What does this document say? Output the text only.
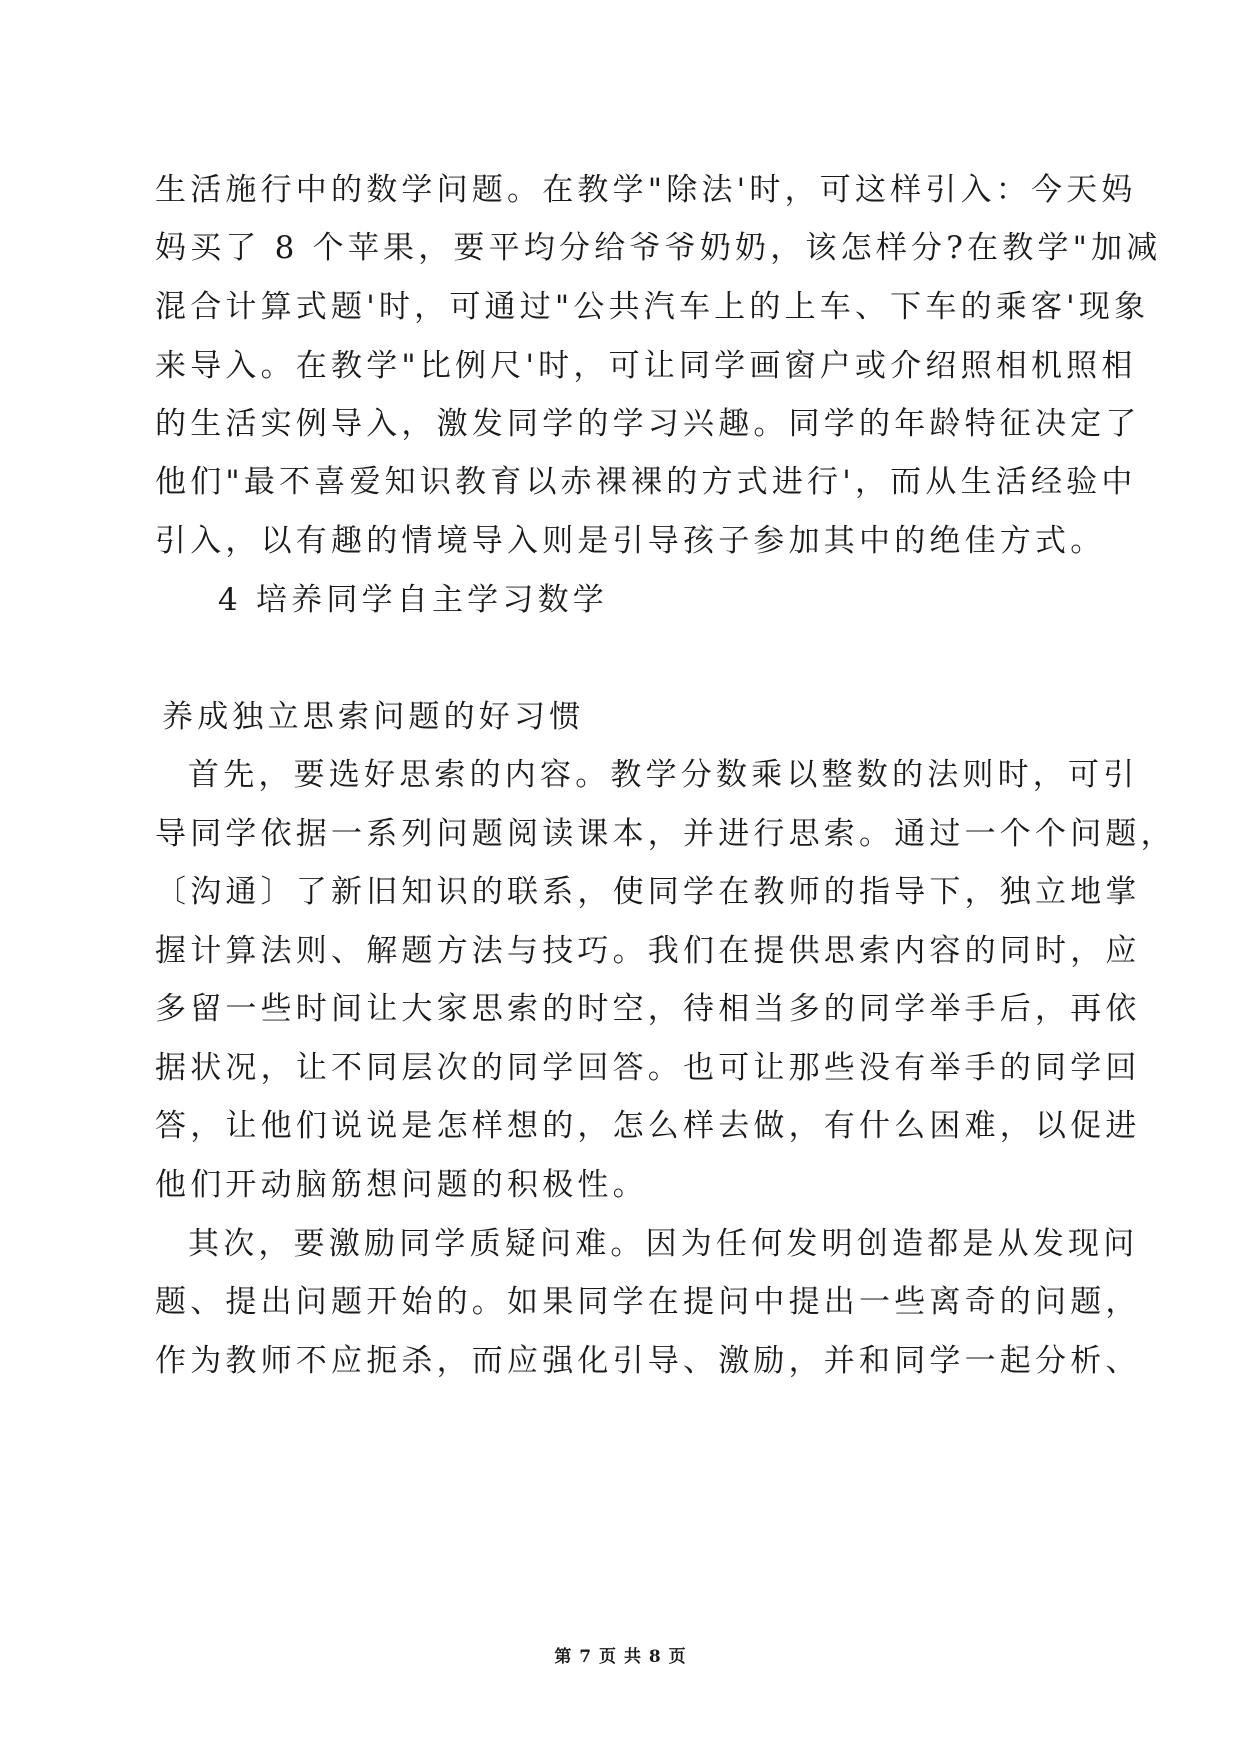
生活施行中的数学问题。在教学"除法'时，可这样引入：今天妈
妈买了 8 个苹果，要平均分给爷爷奶奶，该怎样分?在教学"加减
混合计算式题'时，可通过"公共汽车上的上车、下车的乘客'现象
来导入。在教学"比例尺'时，可让同学画窗户或介绍照相机照相
的生活实例导入，激发同学的学习兴趣。同学的年龄特征决定了
他们"最不喜爱知识教育以赤裸裸的方式进行'，而从生活经验中
引入，以有趣的情境导入则是引导孩子参加其中的绝佳方式。
4 培养同学自主学习数学
养成独立思索问题的好习惯
首先，要选好思索的内容。教学分数乘以整数的法则时，可引
导同学依据一系列问题阅读课本，并进行思索。通过一个个问题，
〔沟通〕了新旧知识的联系，使同学在教师的指导下，独立地掌
握计算法则、解题方法与技巧。我们在提供思索内容的同时，应
多留一些时间让大家思索的时空，待相当多的同学举手后，再依
据状况，让不同层次的同学回答。也可让那些没有举手的同学回
答，让他们说说是怎样想的，怎么样去做，有什么困难，以促进
他们开动脑筋想问题的积极性。
其次，要激励同学质疑问难。因为任何发明创造都是从发现问
题、提出问题开始的。如果同学在提问中提出一些离奇的问题，
作为教师不应扼杀，而应强化引导、激励，并和同学一起分析、
第 7 页 共 8 页
